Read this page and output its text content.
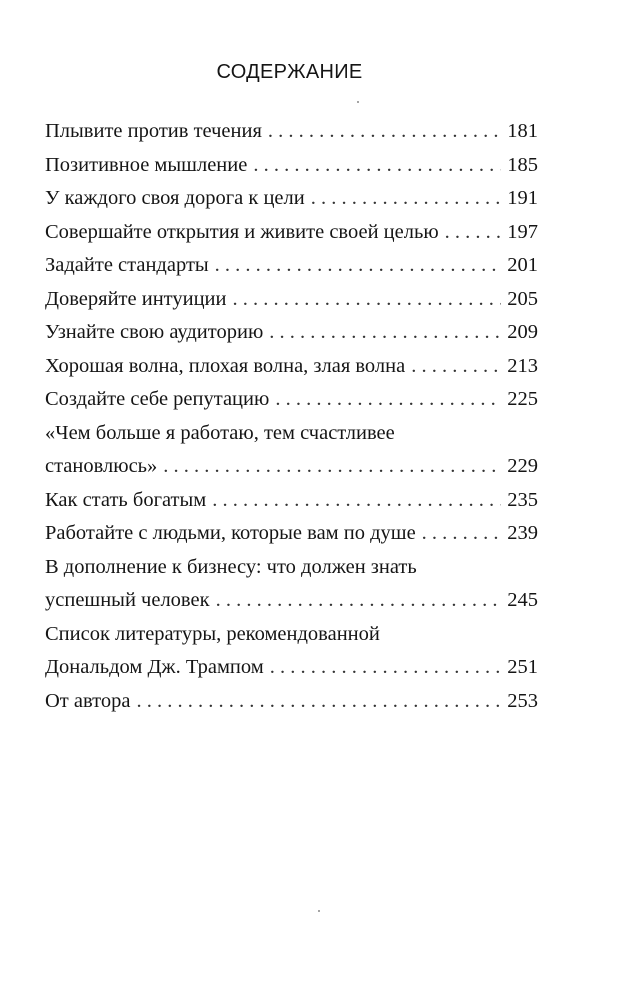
СОДЕРЖАНИЕ
Плывите против течения . . .	181
Позитивное мышление . . .	185
У каждого своя дорога к цели . . .	191
Совершайте открытия и живите своей целью . . .	197
Задайте стандарты . . .	201
Доверяйте интуиции . . .	205
Узнайте свою аудиторию . . .	209
Хорошая волна, плохая волна, злая волна . . .	213
Создайте себе репутацию . . .	225
«Чем больше я работаю, тем счастливее
становлюсь» . . .	229
Как стать богатым . . .	235
Работайте с людьми, которые вам по душе . . .	239
В дополнение к бизнесу: что должен знать
успешный человек . . .	245
Список литературы, рекомендованной
Дональдом Дж. Трампом . . .	251
От автора . . .	253
